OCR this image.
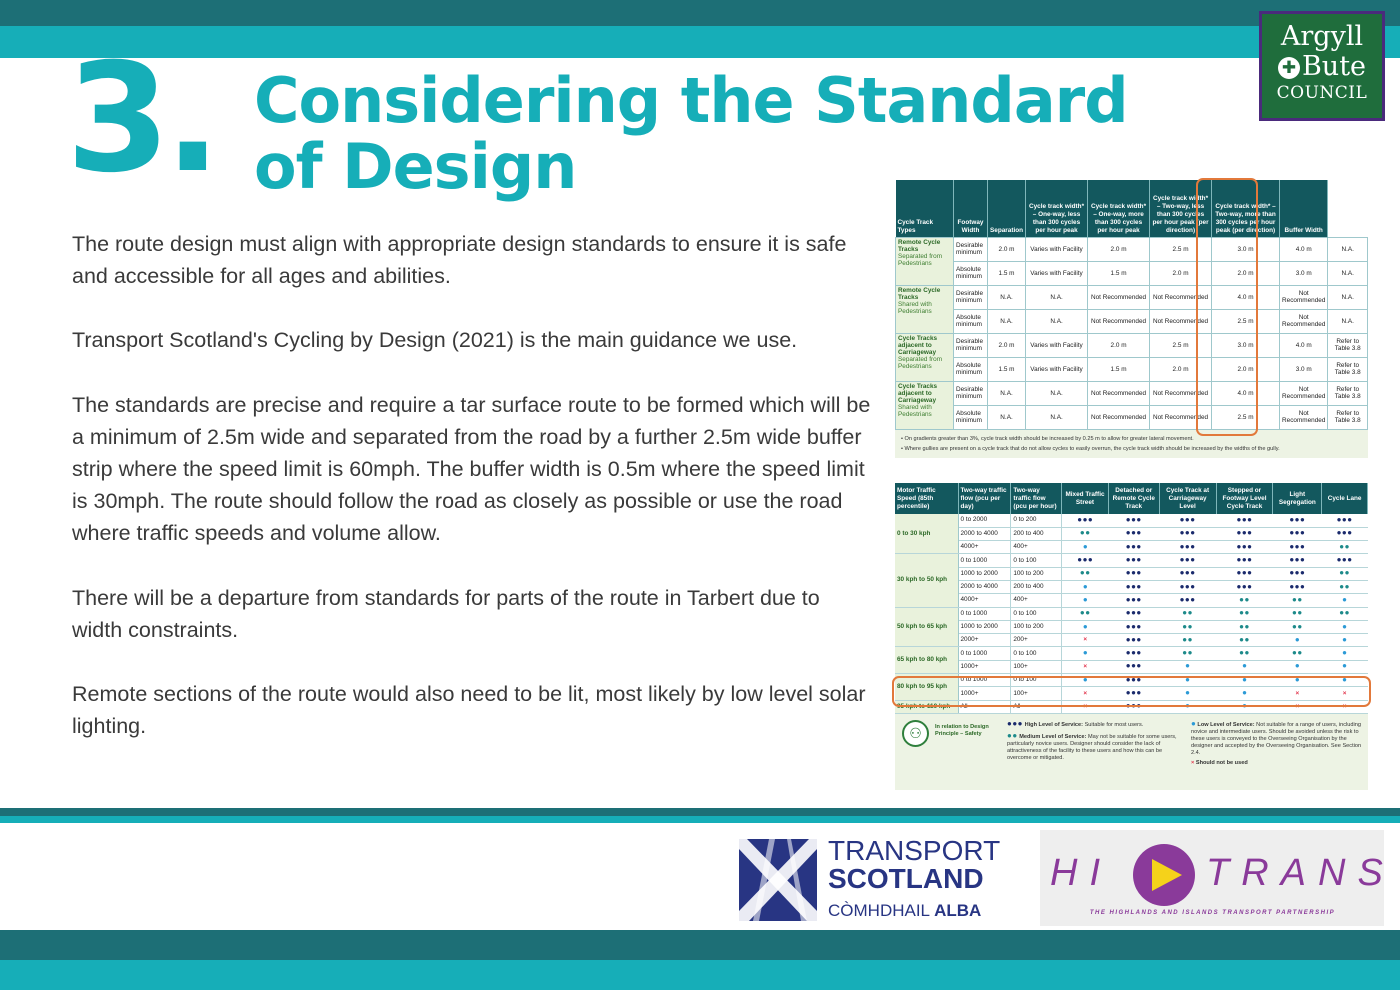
3. Considering the Standard
of Design
Argyll
✚ Bute
COUNCIL

The route design must align with appropriate design standards to ensure it is safe and accessible for all ages and abilities.

Transport Scotland's Cycling by Design (2021) is the main guidance we use.

The standards are precise and require a tar surface route to be formed which will be a minimum of 2.5m wide and separated from the road by a further 2.5m wide buffer strip where the speed limit is 60mph. The buffer width is 0.5m where the speed limit is 30mph. The route should follow the road as closely as possible or use the road where traffic speeds and volume allow.

There will be a departure from standards for parts of the route in Tarbert due to width constraints.

Remote sections of the route would also need to be lit, most likely by low level solar lighting.

Cycle Track Types	Footway Width	Separation	Cycle track width* – One-way, less than 300 cycles per hour peak	Cycle track width* – One-way, more than 300 cycles per hour peak	Cycle track width* – Two-way, less than 300 cycles per hour peak (per direction)	Cycle track width* – Two-way, more than 300 cycles per hour peak (per direction)	Buffer Width	

Remote Cycle Tracks
Separated from Pedestrians	Desirable minimum	2.0 m	Varies with Facility	2.0 m	2.5 m	3.0 m	4.0 m	N.A.
	Absolute minimum	1.5 m	Varies with Facility	1.5 m	2.0 m	2.0 m	3.0 m	N.A.

Remote Cycle Tracks
Shared with Pedestrians	Desirable minimum	N.A.	N.A.	Not Recommended	Not Recommended	4.0 m	Not Recommended	N.A.
	Absolute minimum	N.A.	N.A.	Not Recommended	Not Recommended	2.5 m	Not Recommended	N.A.

Cycle Tracks adjacent to Carriageway
Separated from Pedestrians	Desirable minimum	2.0 m	Varies with Facility	2.0 m	2.5 m	3.0 m	4.0 m	Refer to Table 3.8
	Absolute minimum	1.5 m	Varies with Facility	1.5 m	2.0 m	2.0 m	3.0 m	Refer to Table 3.8

Cycle Tracks adjacent to Carriageway
Shared with Pedestrians	Desirable minimum	N.A.	N.A.	Not Recommended	Not Recommended	4.0 m	Not Recommended	Refer to Table 3.8
	Absolute minimum	N.A.	N.A.	Not Recommended	Not Recommended	2.5 m	Not Recommended	Refer to Table 3.8
• On gradients greater than 3%, cycle track width should be increased by 0.25 m to allow for greater lateral movement.
• Where gullies are present on a cycle track that do not allow cycles to easily overrun, the cycle track width should be increased by the widths of the gully.
Motor Traffic Speed (85th percentile)	Two-way traffic flow (pcu per day)	Two-way traffic flow (pcu per hour)	Mixed Traffic Street	Detached or Remote Cycle Track	Cycle Track at Carriageway Level	Stepped or Footway Level Cycle Track	Light Segregation	Cycle Lane
0 to 30 kph	0 to 2000	0 to 200	●●●	●●●	●●●	●●●	●●●	●●●
	2000 to 4000	200 to 400	●●	●●●	●●●	●●●	●●●	●●●
	4000+	400+	●	●●●	●●●	●●●	●●●	●●
30 kph to 50 kph	0 to 1000	0 to 100	●●●	●●●	●●●	●●●	●●●	●●●
	1000 to 2000	100 to 200	●●	●●●	●●●	●●●	●●●	●●
	2000 to 4000	200 to 400	●	●●●	●●●	●●●	●●●	●●
	4000+	400+	●	●●●	●●●	●●	●●	●
50 kph to 65 kph	0 to 1000	0 to 100	●●	●●●	●●	●●	●●	●●
	1000 to 2000	100 to 200	●	●●●	●●	●●	●●	●
	2000+	200+	×	●●●	●●	●●	●	●
65 kph to 80 kph	0 to 1000	0 to 100	●	●●●	●●	●●	●●	●
	1000+	100+	×	●●●	●	●	●	●
80 kph to 95 kph	0 to 1000	0 to 100	●	●●●	●	●	●	●
	1000+	100+	×	●●●	●	●	×	×
95 kph to 110 kph	All	All	×	●●●	●	●	×	×
⚇	In relation to Design Principle – Safety
●●● High Level of Service: Suitable for most users.
●● Medium Level of Service: May not be suitable for some users, particularly novice users. Designer should consider the lack of attractiveness of the facility to these users and how this can be overcome or mitigated.
● Low Level of Service: Not suitable for a range of users, including novice and intermediate users. Should be avoided unless the risk to these users is conveyed to the Overseeing Organisation by the designer and accepted by the Overseeing Organisation. See Section 2.4.
× Should not be used
TRANSPORT
SCOTLAND
CÒMHDHAIL ALBA
HI TRANS
THE HIGHLANDS AND ISLANDS TRANSPORT PARTNERSHIP
